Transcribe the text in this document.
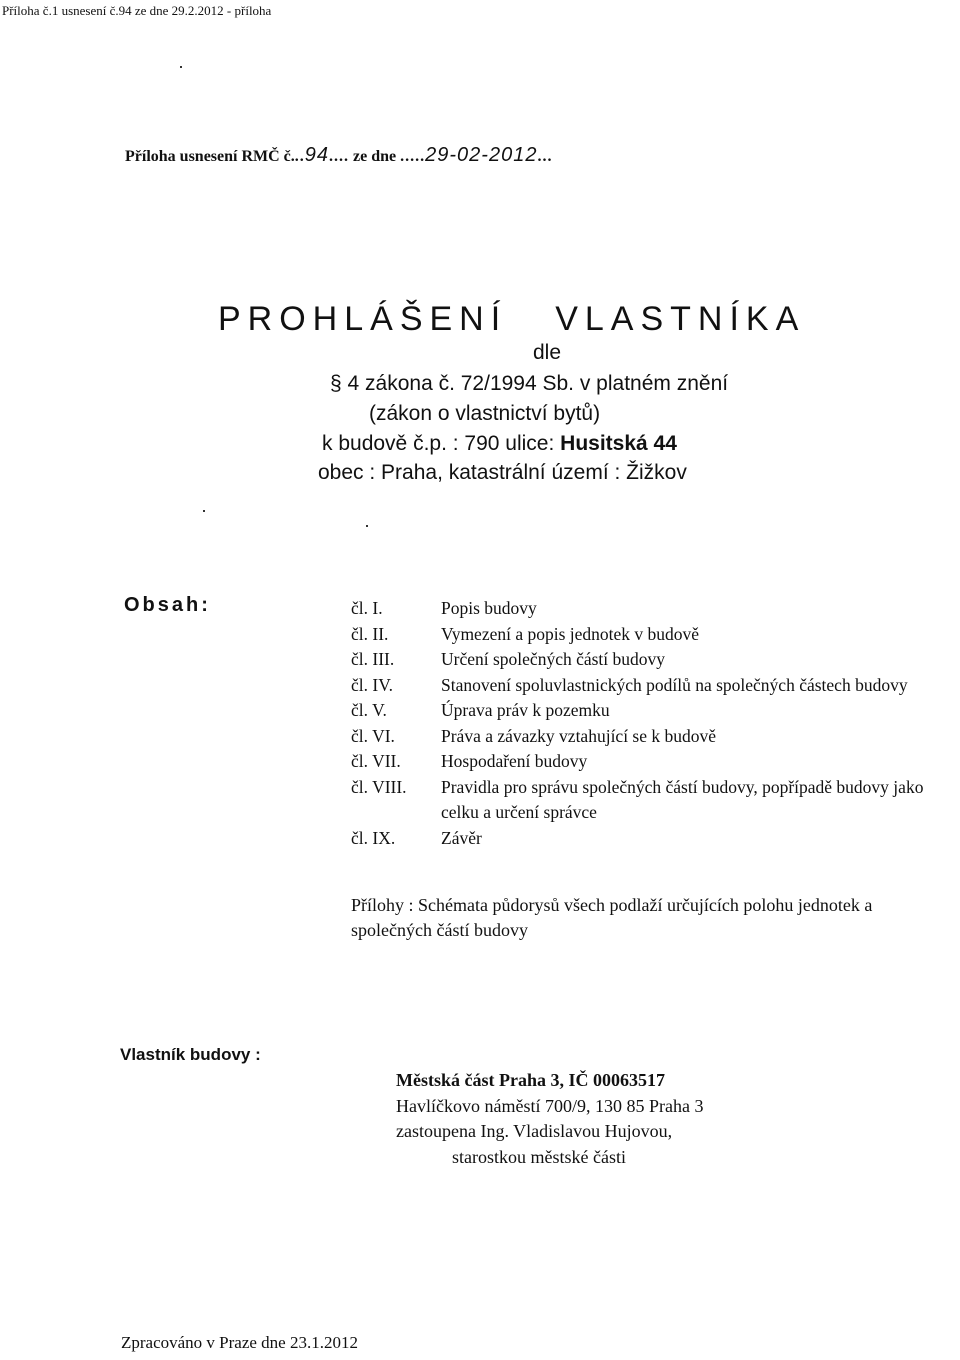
Příloha č.1 usnesení č.94 ze dne 29.2.2012 - příloha
Příloha usnesení RMČ č...94.... ze dne .....29-02-2012...
PROHLÁŠENÍ VLASTNÍKA
dle
§ 4 zákona č. 72/1994 Sb. v platném znění
(zákon o vlastnictví bytů)
k budově č.p. : 790 ulice: Husitská 44
obec : Praha, katastrální území : Žižkov
Obsah:	čl. I.	Popis budovy
čl. II.	Vymezení a popis jednotek v budově
čl. III.	Určení společných částí budovy
čl. IV.	Stanovení spoluvlastnických podílů na společných částech budovy
čl. V.	Úprava práv k pozemku
čl. VI.	Práva a závazky vztahující se k budově
čl. VII.	Hospodaření budovy
čl. VIII.	Pravidla pro správu společných částí budovy, popřípadě budovy jako celku a určení správce
čl. IX.	Závěr
Přílohy : Schémata půdorysů všech podlaží určujících polohu jednotek a společných částí budovy
Vlastník budovy :
Městská část Praha 3, IČ 00063517
Havlíčkovo náměstí 700/9, 130 85 Praha 3
zastoupena Ing. Vladislavou Hujovou,
starostkou městské části
Zpracováno v Praze dne 23.1.2012
